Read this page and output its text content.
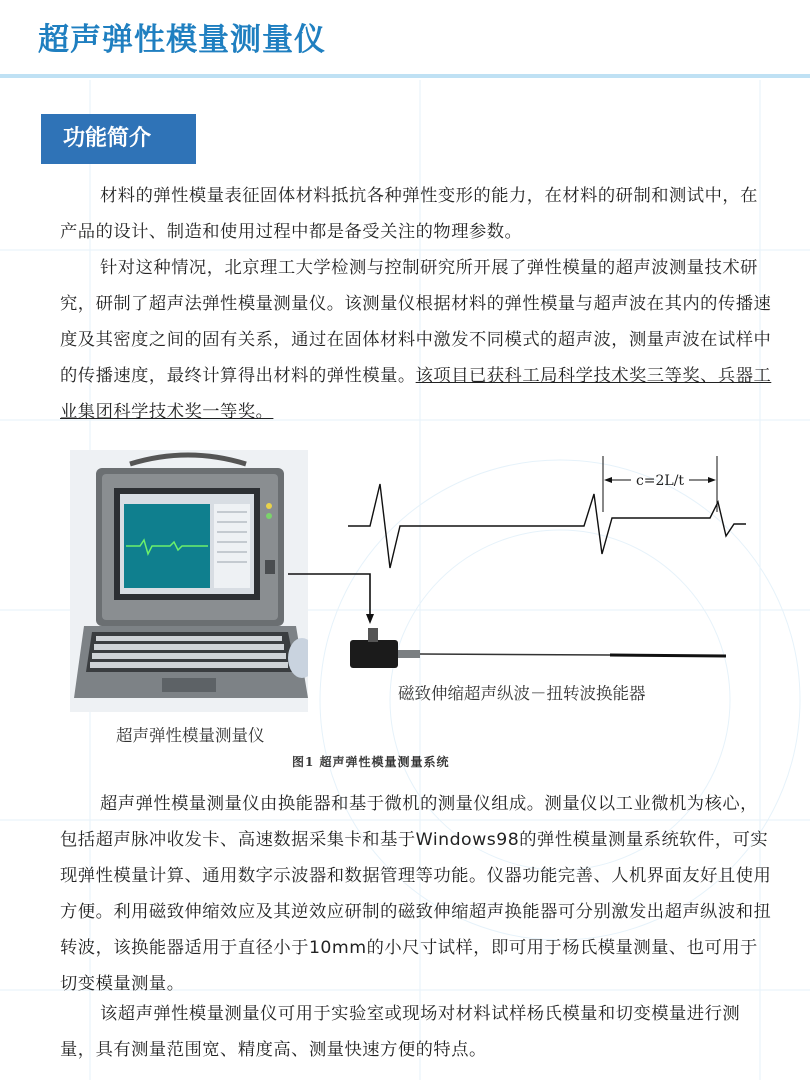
超声弹性模量测量仪
功能简介

材料的弹性模量表征固体材料抵抗各种弹性变形的能力，在材料的研制和测试中，在产品的设计、制造和使用过程中都是备受关注的物理参数。

针对这种情况，北京理工大学检测与控制研究所开展了弹性模量的超声波测量技术研究，研制了超声法弹性模量测量仪。该测量仪根据材料的弹性模量与超声波在其内的传播速度及其密度之间的固有关系，通过在固体材料中激发不同模式的超声波，测量声波在试样中的传播速度，最终计算得出材料的弹性模量。该项目已获科工局科学技术奖三等奖、兵器工业集团科学技术奖一等奖。

c=2L/t
磁致伸缩超声纵波－扭转波换能器
超声弹性模量测量仪
图1 超声弹性模量测量系统

超声弹性模量测量仪由换能器和基于微机的测量仪组成。测量仪以工业微机为核心，包括超声脉冲收发卡、高速数据采集卡和基于Windows98的弹性模量测量系统软件，可实现弹性模量计算、通用数字示波器和数据管理等功能。仪器功能完善、人机界面友好且使用方便。利用磁致伸缩效应及其逆效应研制的磁致伸缩超声换能器可分别激发出超声纵波和扭转波，该换能器适用于直径小于10mm的小尺寸试样，即可用于杨氏模量测量、也可用于切变模量测量。

该超声弹性模量测量仪可用于实验室或现场对材料试样杨氏模量和切变模量进行测量，具有测量范围宽、精度高、测量快速方便的特点。
